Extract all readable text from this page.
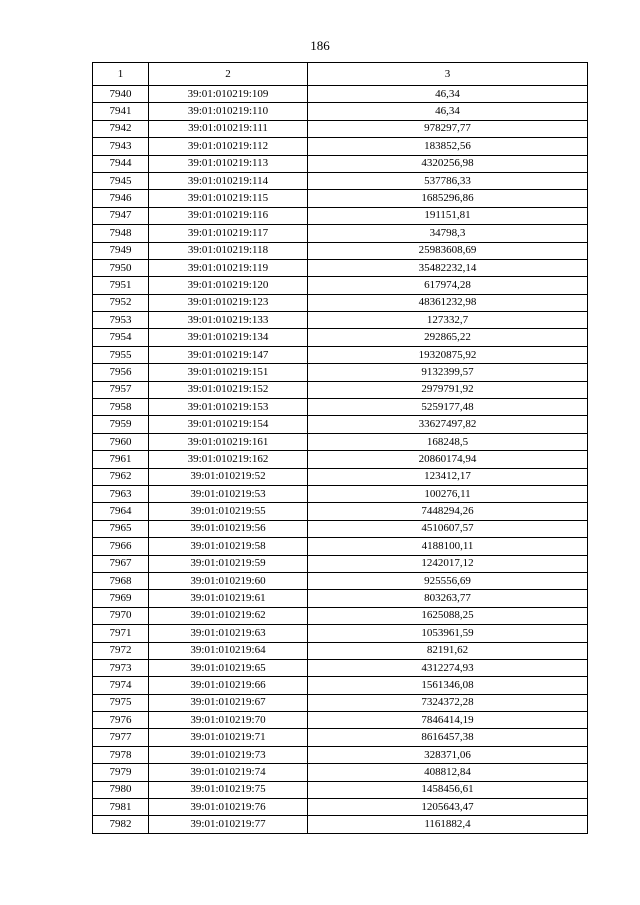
186
1	2	3
7940	39:01:010219:109	46,34
7941	39:01:010219:110	46,34
7942	39:01:010219:111	978297,77
7943	39:01:010219:112	183852,56
7944	39:01:010219:113	4320256,98
7945	39:01:010219:114	537786,33
7946	39:01:010219:115	1685296,86
7947	39:01:010219:116	191151,81
7948	39:01:010219:117	34798,3
7949	39:01:010219:118	25983608,69
7950	39:01:010219:119	35482232,14
7951	39:01:010219:120	617974,28
7952	39:01:010219:123	48361232,98
7953	39:01:010219:133	127332,7
7954	39:01:010219:134	292865,22
7955	39:01:010219:147	19320875,92
7956	39:01:010219:151	9132399,57
7957	39:01:010219:152	2979791,92
7958	39:01:010219:153	5259177,48
7959	39:01:010219:154	33627497,82
7960	39:01:010219:161	168248,5
7961	39:01:010219:162	20860174,94
7962	39:01:010219:52	123412,17
7963	39:01:010219:53	100276,11
7964	39:01:010219:55	7448294,26
7965	39:01:010219:56	4510607,57
7966	39:01:010219:58	4188100,11
7967	39:01:010219:59	1242017,12
7968	39:01:010219:60	925556,69
7969	39:01:010219:61	803263,77
7970	39:01:010219:62	1625088,25
7971	39:01:010219:63	1053961,59
7972	39:01:010219:64	82191,62
7973	39:01:010219:65	4312274,93
7974	39:01:010219:66	1561346,08
7975	39:01:010219:67	7324372,28
7976	39:01:010219:70	7846414,19
7977	39:01:010219:71	8616457,38
7978	39:01:010219:73	328371,06
7979	39:01:010219:74	408812,84
7980	39:01:010219:75	1458456,61
7981	39:01:010219:76	1205643,47
7982	39:01:010219:77	1161882,4
